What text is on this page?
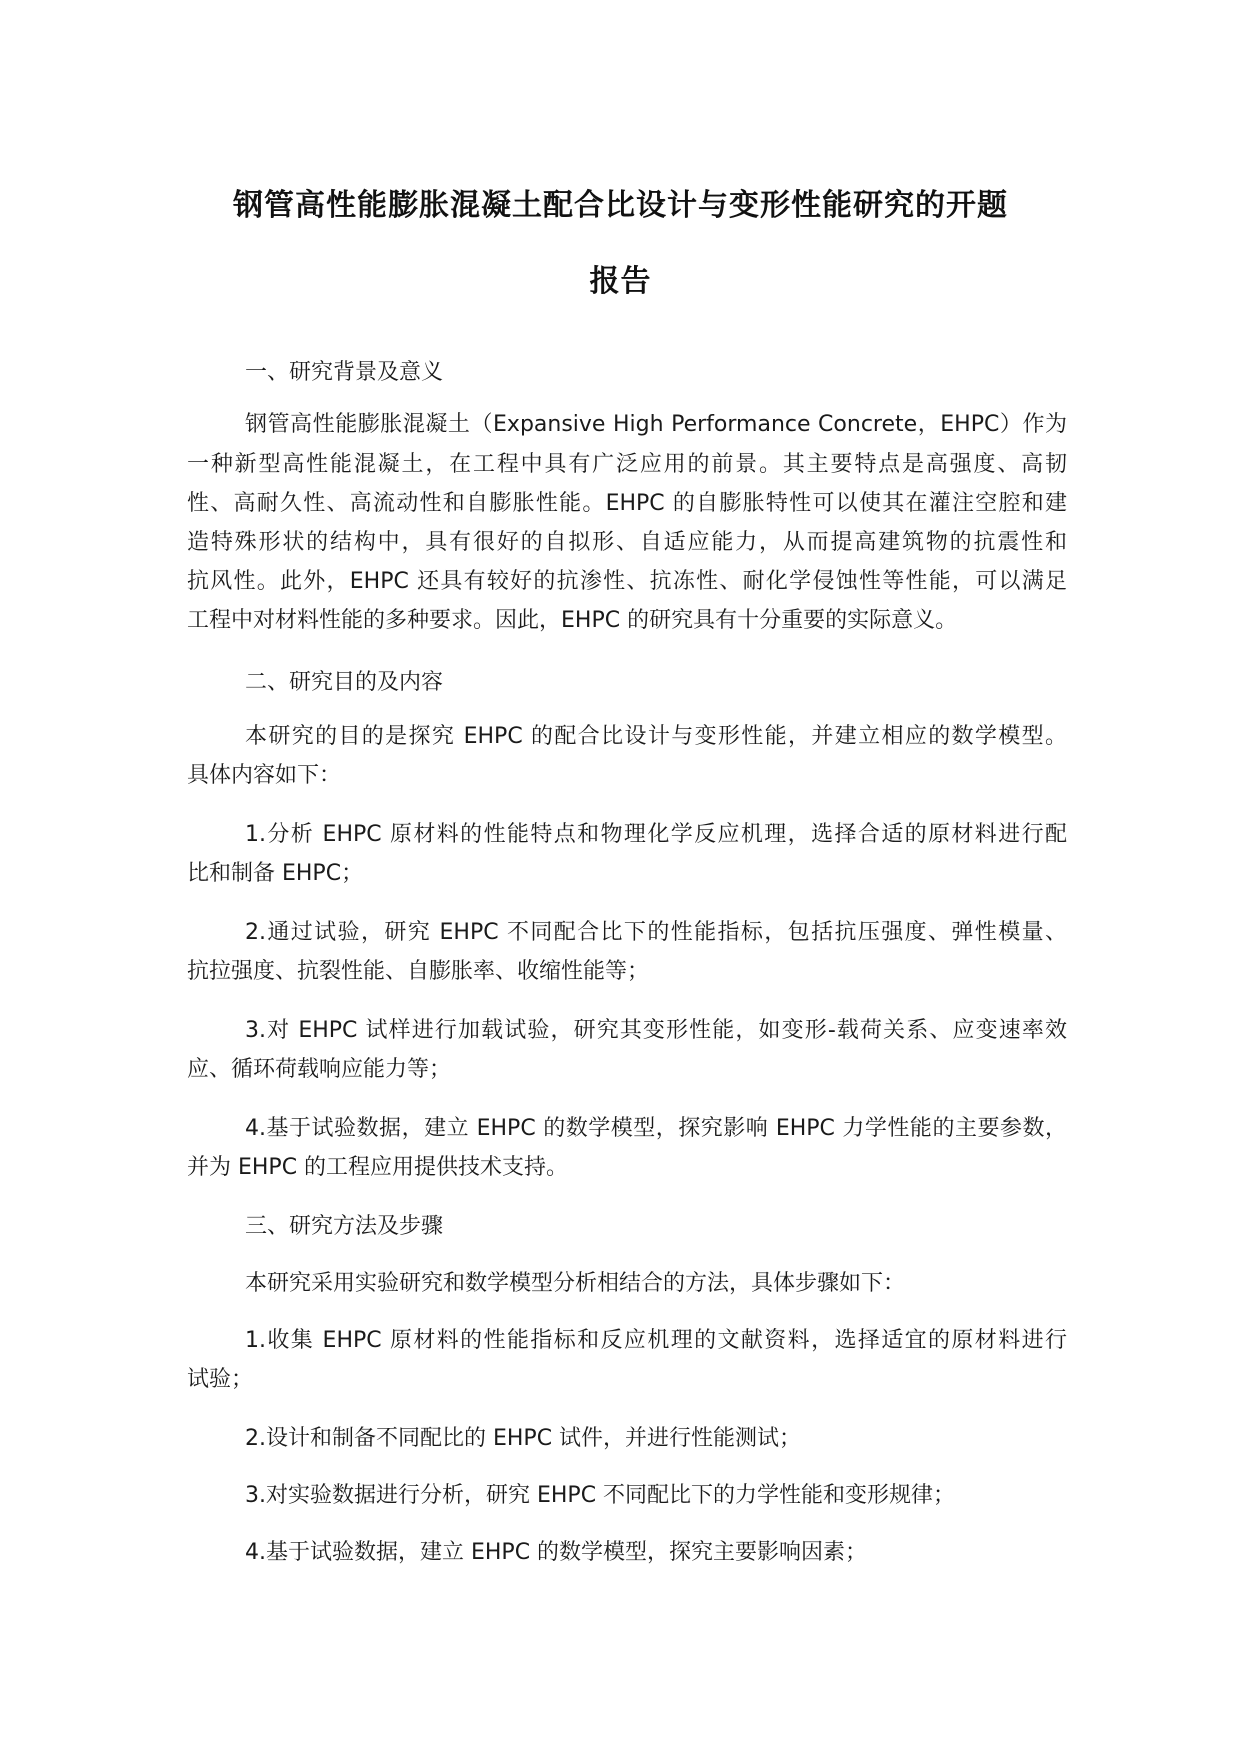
钢管高性能膨胀混凝土配合比设计与变形性能研究的开题
报告
一、研究背景及意义
钢管高性能膨胀混凝土（Expansive High Performance Concrete，EHPC）作为
一种新型高性能混凝土，在工程中具有广泛应用的前景。其主要特点是高强度、高韧
性、高耐久性、高流动性和自膨胀性能。EHPC 的自膨胀特性可以使其在灌注空腔和建
造特殊形状的结构中，具有很好的自拟形、自适应能力，从而提高建筑物的抗震性和
抗风性。此外，EHPC 还具有较好的抗渗性、抗冻性、耐化学侵蚀性等性能，可以满足
工程中对材料性能的多种要求。因此，EHPC 的研究具有十分重要的实际意义。
二、研究目的及内容
本研究的目的是探究 EHPC 的配合比设计与变形性能，并建立相应的数学模型。
具体内容如下：
1.分析 EHPC 原材料的性能特点和物理化学反应机理，选择合适的原材料进行配
比和制备 EHPC；
2.通过试验，研究 EHPC 不同配合比下的性能指标，包括抗压强度、弹性模量、
抗拉强度、抗裂性能、自膨胀率、收缩性能等；
3.对 EHPC 试样进行加载试验，研究其变形性能，如变形-载荷关系、应变速率效
应、循环荷载响应能力等；
4.基于试验数据，建立 EHPC 的数学模型，探究影响 EHPC 力学性能的主要参数，
并为 EHPC 的工程应用提供技术支持。
三、研究方法及步骤
本研究采用实验研究和数学模型分析相结合的方法，具体步骤如下：
1.收集 EHPC 原材料的性能指标和反应机理的文献资料，选择适宜的原材料进行
试验；
2.设计和制备不同配比的 EHPC 试件，并进行性能测试；
3.对实验数据进行分析，研究 EHPC 不同配比下的力学性能和变形规律；
4.基于试验数据，建立 EHPC 的数学模型，探究主要影响因素；
